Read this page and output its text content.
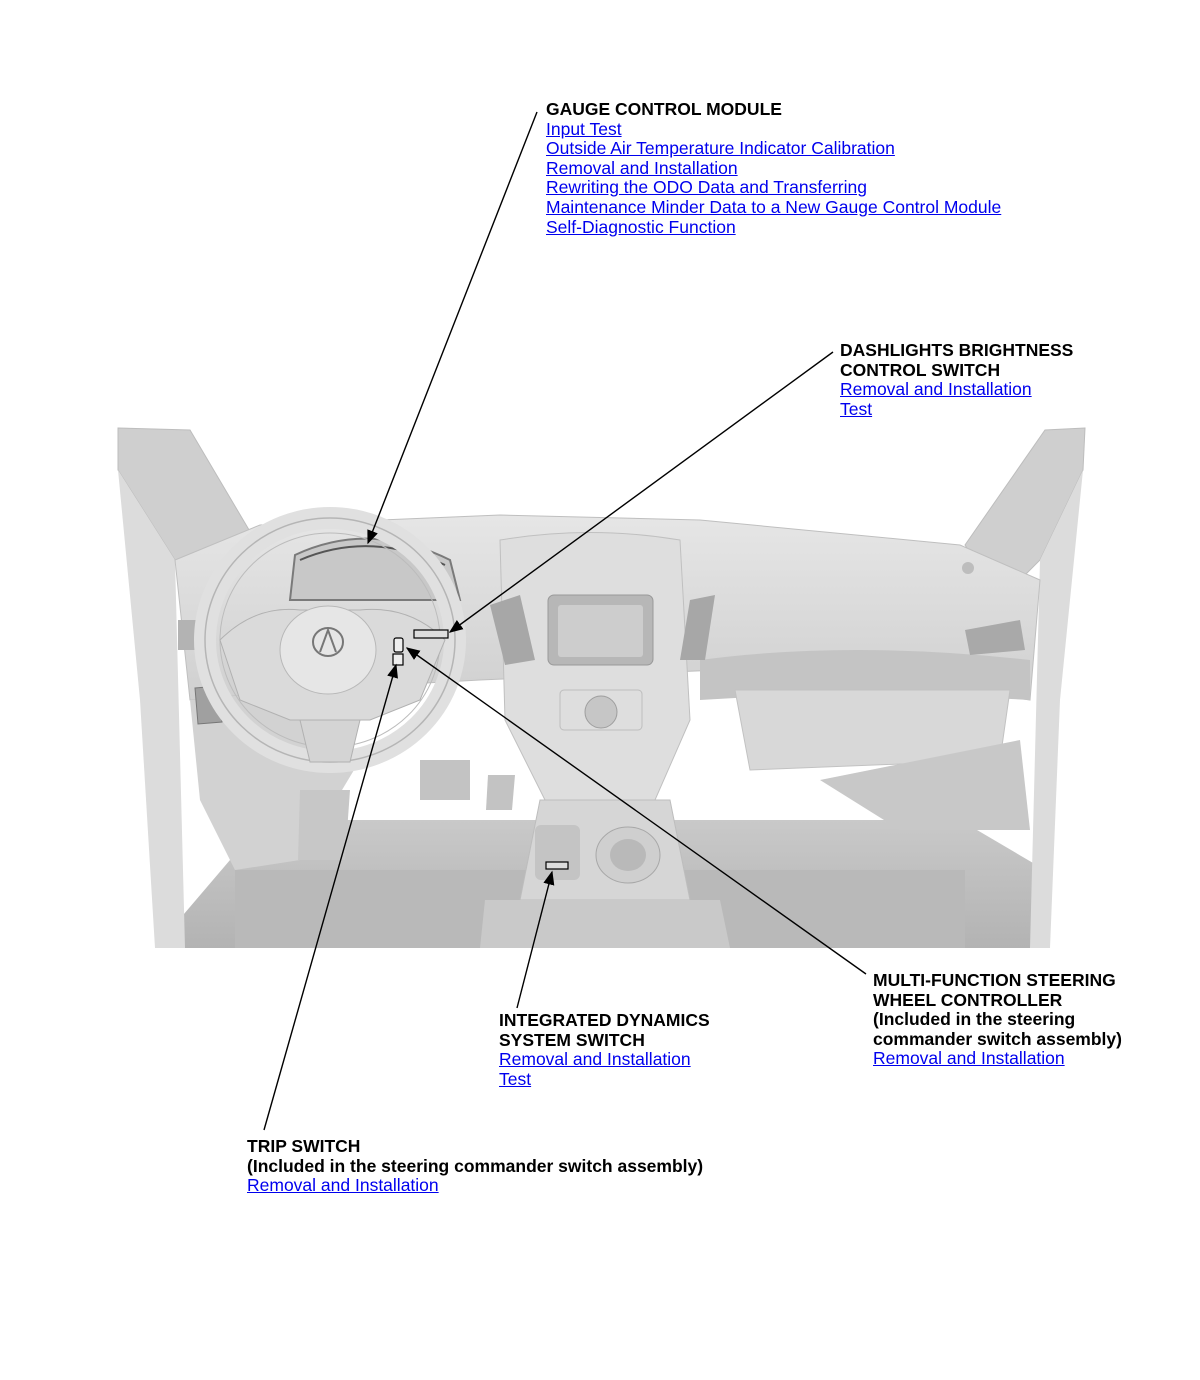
GAUGE CONTROL MODULE
Input Test
Outside Air Temperature Indicator Calibration
Removal and Installation
Rewriting the ODO Data and Transferring
Maintenance Minder Data to a New Gauge Control Module
Self-Diagnostic Function
DASHLIGHTS BRIGHTNESS
CONTROL SWITCH
Removal and Installation
Test
MULTI-FUNCTION STEERING
WHEEL CONTROLLER
(Included in the steering
commander switch assembly)
Removal and Installation
INTEGRATED DYNAMICS
SYSTEM SWITCH
Removal and Installation
Test
TRIP SWITCH
(Included in the steering commander switch assembly)
Removal and Installation
